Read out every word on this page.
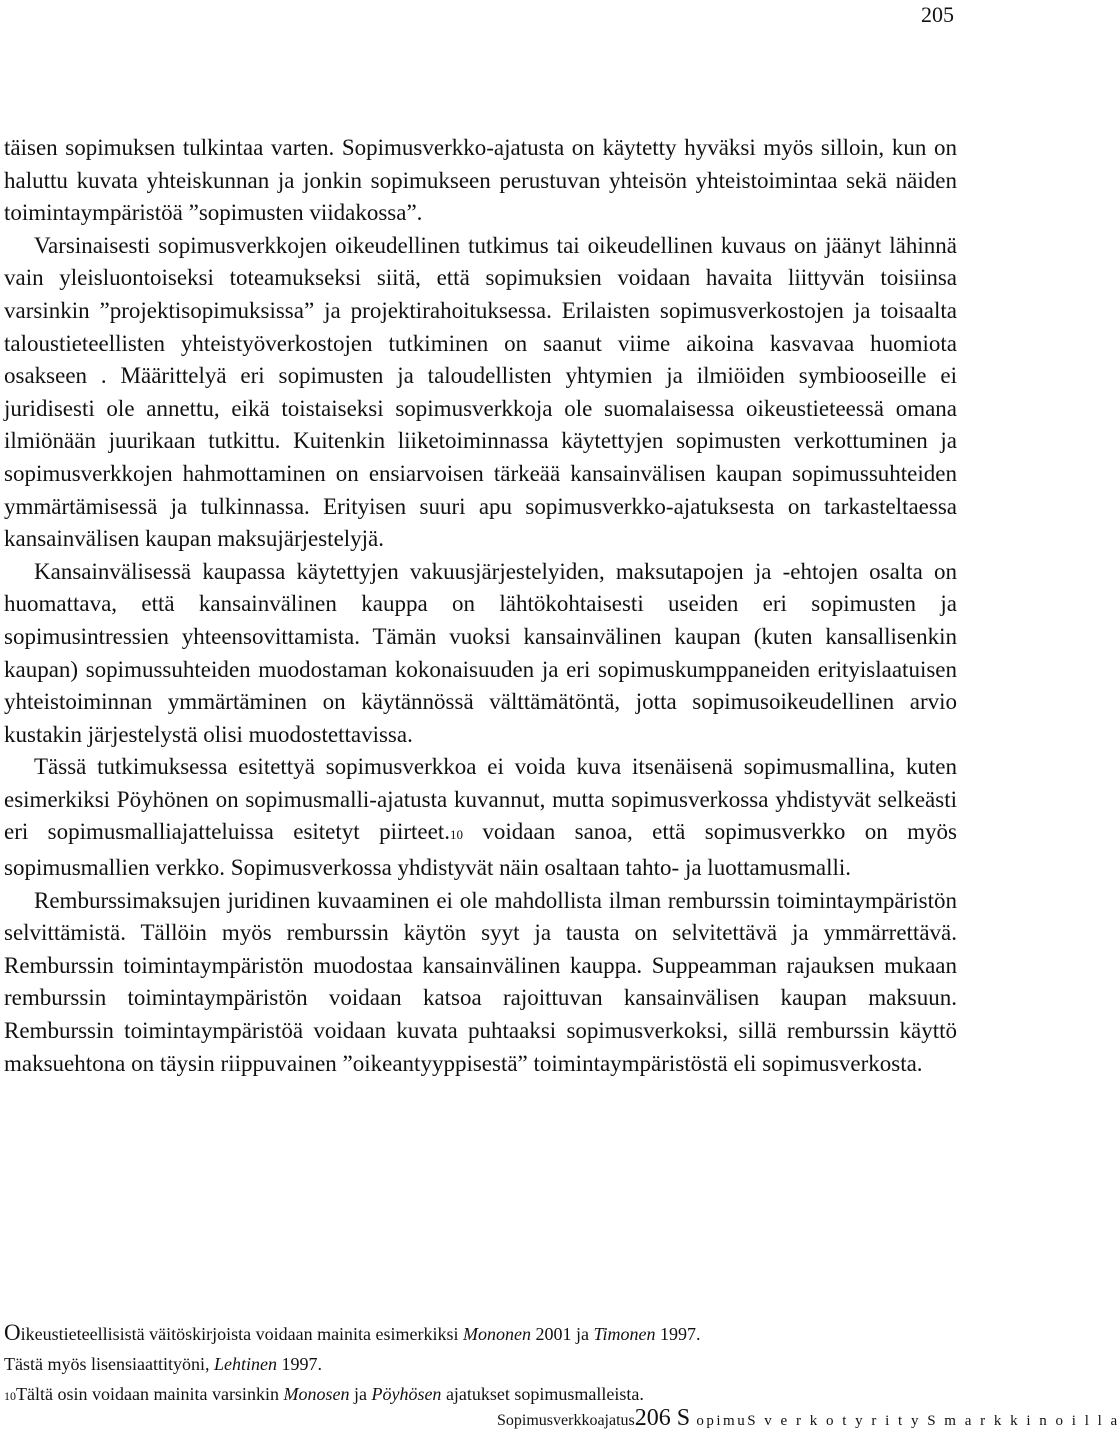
205

täisen sopimuksen tulkintaa varten. Sopimusverkko-ajatusta on käytetty hyväksi myös silloin, kun on haluttu kuvata yhteiskunnan ja jonkin sopimukseen perustuvan yhteisön yhteistoimintaa sekä näiden toimintaympäristöä ”sopimusten viidakossa”.

Varsinaisesti sopimusverkkojen oikeudellinen tutkimus tai oikeudellinen kuvaus on jäänyt lähinnä vain yleisluontoiseksi toteamukseksi siitä, että sopimuksien voidaan havaita liittyvän toisiinsa varsinkin ”projektisopimuksissa” ja projektirahoituksessa. Erilaisten sopimusverkostojen ja toisaalta taloustieteellisten yhteistyöverkostojen tutkiminen on saanut viime aikoina kasvavaa huomiota osakseen . Määrittelyä eri sopimusten ja taloudellisten yhtymien ja ilmiöiden symbiooseille ei juridisesti ole annettu, eikä toistaiseksi sopimusverkkoja ole suomalaisessa oikeustieteessä omana ilmiönään juurikaan tutkittu. Kuitenkin liiketoiminnassa käytettyjen sopimusten verkottuminen ja sopimusverkkojen hahmottaminen on ensiarvoisen tärkeää kansainvälisen kaupan sopimussuhteiden ymmärtämisessä ja tulkinnassa. Erityisen suuri apu sopimusverkko-ajatuksesta on tarkasteltaessa kansainvälisen kaupan maksujärjestelyjä.

Kansainvälisessä kaupassa käytettyjen vakuusjärjestelyiden, maksutapojen ja -ehtojen osalta on huomattava, että kansainvälinen kauppa on lähtökohtaisesti useiden eri sopimusten ja sopimusintressien yhteensovittamista. Tämän vuoksi kansainvälinen kaupan (kuten kansallisenkin kaupan) sopimussuhteiden muodostaman kokonaisuuden ja eri sopimuskumppaneiden erityislaatuisen yhteistoiminnan ymmärtäminen on käytännössä välttämätöntä, jotta sopimusoikeudellinen arvio kustakin järjestelystä olisi muodostettavissa.

Tässä tutkimuksessa esitettyä sopimusverkkoa ei voida kuva itsenäisenä sopimusmallina, kuten esimerkiksi Pöyhönen on sopimusmalli-ajatusta kuvannut, mutta sopimusverkossa yhdistyvät selkeästi eri sopimusmalliajatteluissa esitetyt piirteet.10 voidaan sanoa, että sopimusverkko on myös sopimusmallien verkko. Sopimusverkossa yhdistyvät näin osaltaan tahto- ja luottamusmalli.

Remburssimaksujen juridinen kuvaaminen ei ole mahdollista ilman remburssin toimintaympäristön selvittämistä. Tällöin myös remburssin käytön syyt ja tausta on selvitettävä ja ymmärrettävä. Remburssin toimintaympäristön muodostaa kansainvälinen kauppa. Suppeamman rajauksen mukaan remburssin toimintaympäristön voidaan katsoa rajoittuvan kansainvälisen kaupan maksuun. Remburssin toimintaympäristöä voidaan kuvata puhtaaksi sopimusverkoksi, sillä remburssin käyttö maksuehtona on täysin riippuvainen ”oikeantyyppisestä” toimintaympäristöstä eli sopimusverkosta.

Oikeustieteellisistä väitöskirjoista voidaan mainita esimerkiksi Mononen 2001 ja Timonen 1997.

Tästä myös lisensiaattityöni, Lehtinen 1997.

10Tältä osin voidaan mainita varsinkin Monosen ja Pöyhösen ajatukset sopimusmalleista.

Sopimusverkkoajatus206 S opimuS v e r k o t y r i t y S m a r k k i n o i l l a
